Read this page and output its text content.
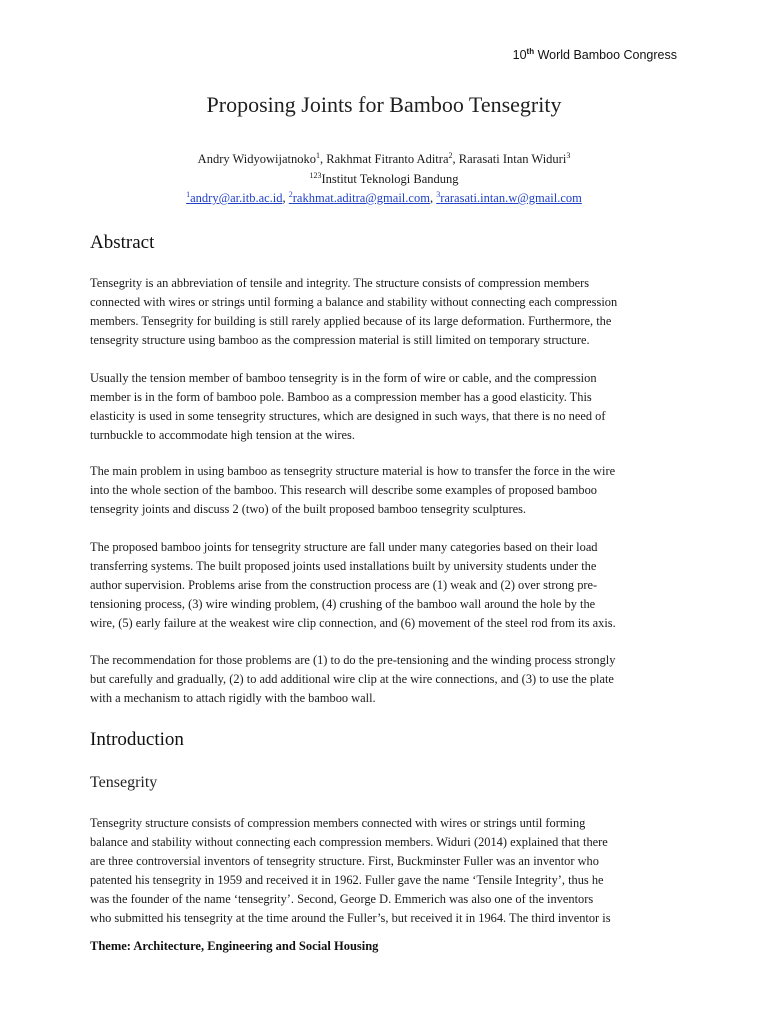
10th World Bamboo Congress
Proposing Joints for Bamboo Tensegrity
Andry Widyowijatnoko$^1$, Rakhmat Fitranto Aditra$^2$, Rarasati Intan Widuri$^3$
$^{123}$Institut Teknologi Bandung
$^1$andry@ar.itb.ac.id, $^2$rakhmat.aditra@gmail.com, $^3$rarasati.intan.w@gmail.com
Abstract
Tensegrity is an abbreviation of tensile and integrity. The structure consists of compression members
connected with wires or strings until forming a balance and stability without connecting each compression
members. Tensegrity for building is still rarely applied because of its large deformation. Furthermore, the
tensegrity structure using bamboo as the compression material is still limited on temporary structure.
Usually the tension member of bamboo tensegrity is in the form of wire or cable, and the compression
member is in the form of bamboo pole. Bamboo as a compression member has a good elasticity. This
elasticity is used in some tensegrity structures, which are designed in such ways, that there is no need of
turnbuckle to accommodate high tension at the wires.
The main problem in using bamboo as tensegrity structure material is how to transfer the force in the wire
into the whole section of the bamboo. This research will describe some examples of proposed bamboo
tensegrity joints and discuss 2 (two) of the built proposed bamboo tensegrity sculptures.
The proposed bamboo joints for tensegrity structure are fall under many categories based on their load
transferring systems. The built proposed joints used installations built by university students under the
author supervision. Problems arise from the construction process are (1) weak and (2) over strong pre-
tensioning process, (3) wire winding problem, (4) crushing of the bamboo wall around the hole by the
wire, (5) early failure at the weakest wire clip connection, and (6) movement of the steel rod from its axis.
The recommendation for those problems are (1) to do the pre-tensioning and the winding process strongly
but carefully and gradually, (2) to add additional wire clip at the wire connections, and (3) to use the plate
with a mechanism to attach rigidly with the bamboo wall.
Introduction
Tensegrity
Tensegrity structure consists of compression members connected with wires or strings until forming
balance and stability without connecting each compression members. Widuri (2014) explained that there
are three controversial inventors of tensegrity structure. First, Buckminster Fuller was an inventor who
patented his tensegrity in 1959 and received it in 1962. Fuller gave the name ‘Tensile Integrity’, thus he
was the founder of the name ‘tensegrity’. Second, George D. Emmerich was also one of the inventors
who submitted his tensegrity at the time around the Fuller’s, but received it in 1964. The third inventor is
Theme: Architecture, Engineering and Social Housing
